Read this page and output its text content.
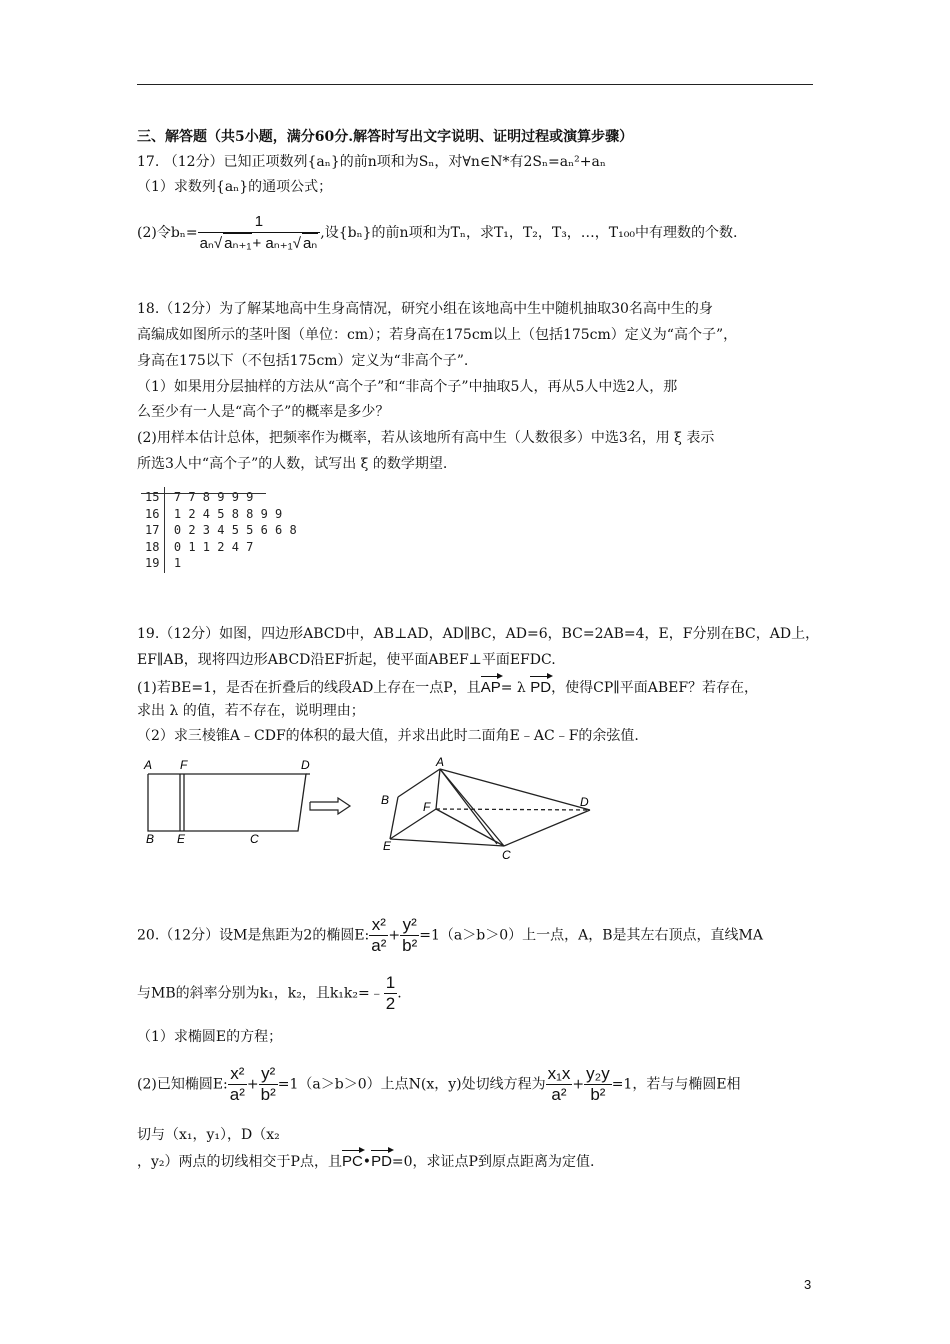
三、解答题（共5小题，满分60分.解答时写出文字说明、证明过程或演算步骤）
17. （12分）已知正项数列{aₙ}的前n项和为Sₙ，对∀n∈N*有2Sₙ=aₙ²+aₙ
（1）求数列{aₙ}的通项公式；
(2)令$b_n= \frac{1}{\text{aₙ√ aₙ₊₁+ aₙ₊₁√ aₙ}}$ ,设{bₙ}的前n项和为Tₙ，求T₁，T₂，T₃，…，T₁₀₀中有理数的个数.
18.（12分）为了解某地高中生身高情况，研究小组在该地高中生中随机抽取30名高中生的身
高编成如图所示的茎叶图（单位：cm）；若身高在175cm以上（包括175cm）定义为“高个子”，
身高在175以下（不包括175cm）定义为“非高个子”.
（1）如果用分层抽样的方法从“高个子”和“非高个子”中抽取5人，再从5人中选2人，那
么至少有一人是“高个子”的概率是多少？
(2)用样本估计总体，把频率作为概率，若从该地所有高中生（人数很多）中选3名，用 ξ 表示
所选3人中“高个子”的人数，试写出 ξ 的数学期望.
15 7 7 8 9 9 9
16 1 2 4 5 8 8 9 9
17 0 2 3 4 5 5 6 6 8
18 0 1 1 2 4 7
19 1
19.（12分）如图，四边形ABCD中，AB⊥AD，AD∥BC，AD=6，BC=2AB=4，E，F分别在BC，AD上，
EF∥AB，现将四边形ABCD沿EF折起，使平面ABEF⊥平面EFDC.
(1)若BE=1，是否在折叠后的线段AD上存在一点P，且AP= λ PD，使得CP∥平面ABEF？若存在，
求出 λ 的值，若不存在，说明理由；
（2）求三棱锥A﹣CDF的体积的最大值，并求出此时二面角E﹣AC﹣F的余弦值.
A F	D
B E	C
A
B	F	D
E
C
20.（12分）设M是焦距为2的椭圆E: $\frac{\text{x²}}{\text{a²}} + \frac{\text{y²}}{\text{b²}} =1(a>b>0)$上一点，A，B是其左右顶点，直线MA
与MB的斜率分别为k₁，k₂，且k₁k₂=﹣ $\frac{1}{2}$ .
（1）求椭圆E的方程；
(2)已知椭圆E: $\frac{\text{x²}}{\text{a²}} + \frac{\text{y²}}{\text{b²}} =1(a>b>0)$上点N(x，y)处切线方程为 $\frac{\text{x₁x}}{\text{a²}} + \frac{\text{y₂y}}{\text{b²}} =1$，若与与椭圆E相
切与（x₁，y₁），D（x₂
，y₂）两点的切线相交于P点，且PC•PD=0，求证点P到原点距离为定值.
3
